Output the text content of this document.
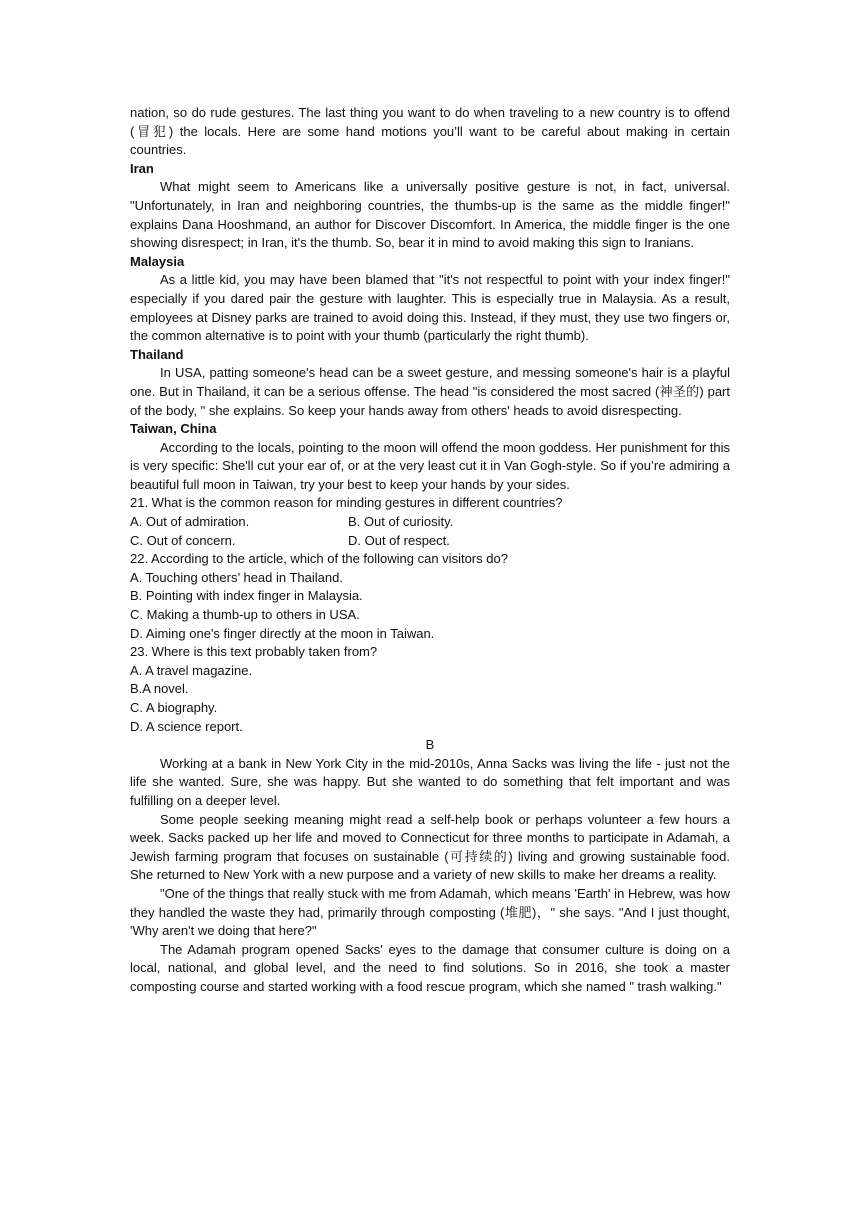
nation, so do rude gestures. The last thing you want to do when traveling to a new country is to offend (冒犯) the locals. Here are some hand motions you’ll want to be careful about making in certain countries.

Iran

What might seem to Americans like a universally positive gesture is not, in fact, universal. "Unfortunately, in Iran and neighboring countries, the thumbs-up is the same as the middle finger!" explains Dana Hooshmand, an author for Discover Discomfort. In America, the middle finger is the one showing disrespect; in Iran, it's the thumb. So, bear it in mind to avoid making this sign to Iranians.

Malaysia

As a little kid, you may have been blamed that "it's not respectful to point with your index finger!" especially if you dared pair the gesture with laughter. This is especially true in Malaysia. As a result, employees at Disney parks are trained to avoid doing this. Instead, if they must, they use two fingers or, the common alternative is to point with your thumb (particularly the right thumb).

Thailand

In USA, patting someone's head can be a sweet gesture, and messing someone's hair is a playful one. But in Thailand, it can be a serious offense. The head "is considered the most sacred (神圣的) part of the body, " she explains. So keep your hands away from others' heads to avoid disrespecting.

Taiwan, China

According to the locals, pointing to the moon will offend the moon goddess. Her punishment for this is very specific: She'll cut your ear of, or at the very least cut it in Van Gogh-style. So if you’re admiring a beautiful full moon in Taiwan, try your best to keep your hands by your sides.

21. What is the common reason for minding gestures in different countries?

A. Out of admiration.	B. Out of curiosity.
C. Out of concern.	D. Out of respect.

22. According to the article, which of the following can visitors do?

A. Touching others’ head in Thailand.

B. Pointing with index finger in Malaysia.

C. Making a thumb-up to others in USA.

D. Aiming one's finger directly at the moon in Taiwan.

23. Where is this text probably taken from?

A. A travel magazine.

B.A novel.

C. A biography.

D. A science report.

B

Working at a bank in New York City in the mid-2010s, Anna Sacks was living the life - just not the life she wanted. Sure, she was happy. But she wanted to do something that felt important and was fulfilling on a deeper level.

Some people seeking meaning might read a self-help book or perhaps volunteer a few hours a week. Sacks packed up her life and moved to Connecticut for three months to participate in Adamah, a Jewish farming program that focuses on sustainable (可持续的) living and growing sustainable food. She returned to New York with a new purpose and a variety of new skills to make her dreams a reality.

"One of the things that really stuck with me from Adamah, which means 'Earth' in Hebrew, was how they handled the waste they had, primarily through composting (堆肥)，" she says. "And I just thought, 'Why aren't we doing that here?"

The Adamah program opened Sacks' eyes to the damage that consumer culture is doing on a local, national, and global level, and the need to find solutions. So in 2016, she took a master composting course and started working with a food rescue program, which she named " trash walking."
